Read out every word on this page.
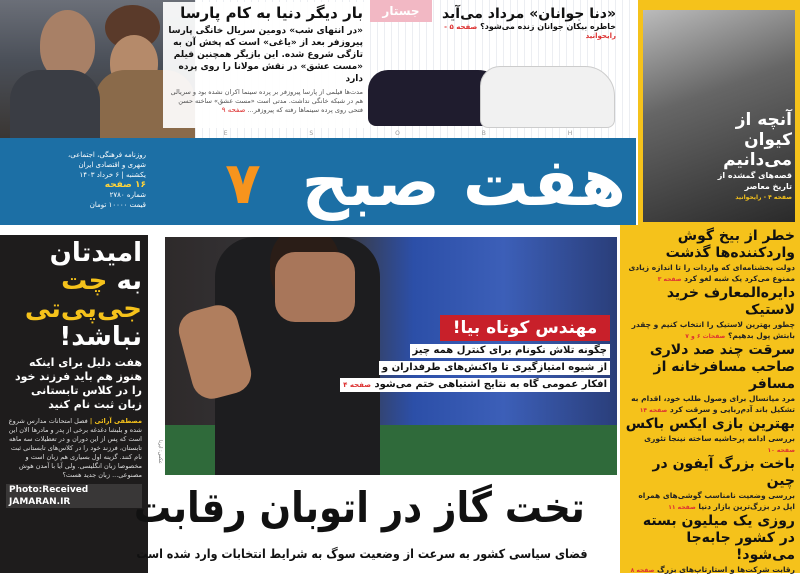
بار دیگر دنیا به کام پارسا

«در انتهای شب» دومین سریال خانگی پارسا پیروزفر بعد از «یاغی» است که پخش آن به تازگی شروع شده. این بازیگر همچنین فیلم «مست عشق» در نقش مولانا را روی پرده دارد

مدت‌ها فیلمی از پارسا پیروزفر بر پرده سینما اکران نشده بود و سریالی هم در شبکه خانگی نداشت. مدتی است «مست عشق» ساخته حسن فتحی روی پرده سینماها رفته که پیروزفر... صفحه ۹

جستار	«دنا جوانان» مرداد می‌آید

خاطره بیکان جوانان زنده می‌شود؟ صفحه ۵ - رایحوانید

E S O B H
آنچه از کیوان می‌دانیم

قصه‌های گمشده از تاریخ معاصر

صفحه ۴ - رایحوانید

هفت صبح
۷
روزنامه فرهنگی، اجتماعی،
شهری و اقتصادی ایران
یکشنبه | ۶ خرداد ۱۴۰۳
۱۶ صفحه
شماره ۲۷۸۰
قیمت ۱۰۰۰۰ تومان
امیدتان
به چت
جی‌پی‌تی
نباشد!
هفت دلیل برای اینکه هنوز هم باید فرزند خود را در کلاس تابستانی زبان ثبت نام کنید

مصطفی آرائی | فصل امتحانات مدارس شروع شده و بلبشا دغدغه برخی از پدر و مادرها الان این است که پس از این دوران و در تعطیلات سه ماهه تابستان، فرزند خود را در کلاس‌های تابستانی ثبت نام کنند. گزینه اول بسیاری هم زبان است و مخصوصا زبان انگلیسی. ولی آیا با آمدن هوش مصنوعی... زبان جدید هست؟

Photo:Received JAMARAN.IR
عکس: ایرنا
مهندس کوتاه بیا!
چگونه تلاش نکونام برای کنترل همه چیز
از شیوه امتیازگیری تا واکنش‌های طرفداران و
افکار عمومی گاه به نتایج اشتباهی ختم می‌شود صفحه ۴
تخت گاز در اتوبان رقابت
فضای سیاسی کشور به سرعت از وضعیت سوگ به شرایط انتخابات وارد شده است
خطر از بیخ گوش واردکننده‌ها گذشت

دولت بخشنامه‌ای که واردات را تا اندازه زیادی ممنوع می‌کرد یک شبه لغو کرد صفحه ۳

دایره‌المعارف خرید لاستیک

چطور بهترین لاستیک را انتخاب کنیم و چقدر بابتش پول بدهیم؟ صفحات ۶ و ۷

سرقت چند صد دلاری صاحب مسافرخانه از مسافر

مرد میانسال برای وصول طلب خود، اقدام به تشکیل باند آدم‌ربایی و سرقت کرد صفحه ۱۴

بهترین بازی ایکس باکس

بررسی ادامه پرحاشیه ساخته نینجا تئوری صفحه ۱۰

باخت بزرگ آیفون در چین

بررسی وضعیت نامناسب گوشی‌های همراه اپل در بزرگ‌ترین بازار دنیا صفحه ۱۱

روزی یک میلیون بسته در کشور جابه‌جا می‌شود!

رقابت شرکت‌ها و استارتاپ‌های بزرگ صفحه ۸
